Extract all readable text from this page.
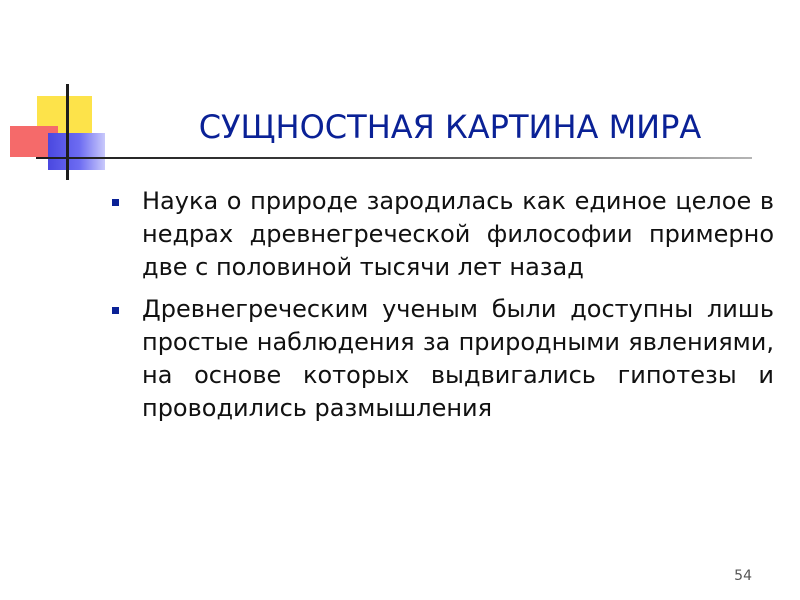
СУЩНОСТНАЯ КАРТИНА МИРА
Наука о природе зародилась как единое целое в недрах древнегреческой философии примерно две с половиной тысячи лет назад
Древнегреческим ученым были доступны лишь простые наблюдения за природными явлениями, на основе которых выдвигались гипотезы и проводились размышления
54
